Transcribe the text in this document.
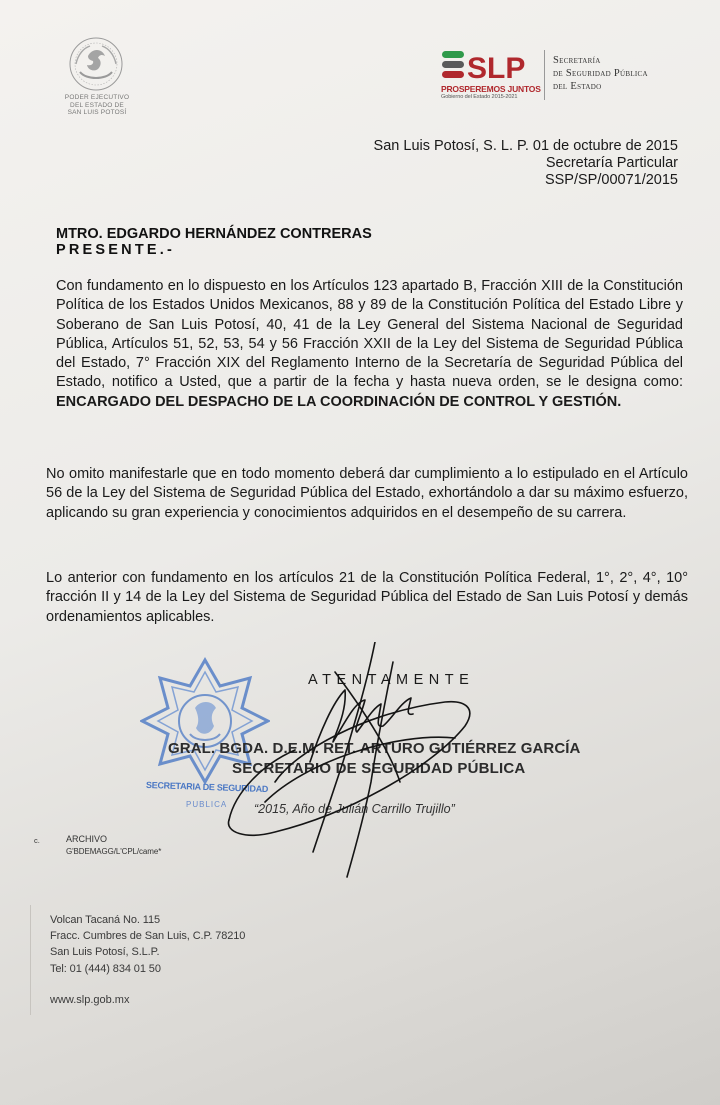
PODER EJECUTIVO
DEL ESTADO DE
SAN LUIS POTOSÍ
SLP
PROSPEREMOS JUNTOS
Gobierno del Estado 2015-2021
Secretaría
de Seguridad Pública
del Estado
San Luis Potosí, S. L. P. 01 de octubre de 2015
Secretaría Particular
SSP/SP/00071/2015
MTRO. EDGARDO HERNÁNDEZ CONTRERAS
PRESENTE.-
Con fundamento en lo dispuesto en los Artículos 123 apartado B, Fracción XIII de la Constitución Política de los Estados Unidos Mexicanos, 88 y 89 de la Constitución Política del Estado Libre y Soberano de San Luis Potosí, 40, 41 de la Ley General del Sistema Nacional de Seguridad Pública, Artículos 51, 52, 53, 54 y 56 Fracción XXII de la Ley del Sistema de Seguridad Pública del Estado, 7° Fracción XIX del Reglamento Interno de la Secretaría de Seguridad Pública del Estado, notifico a Usted, que a partir de la fecha y hasta nueva orden, se le designa como: ENCARGADO DEL DESPACHO DE LA COORDINACIÓN DE CONTROL Y GESTIÓN.
No omito manifestarle que en todo momento deberá dar cumplimiento a lo estipulado en el Artículo 56 de la Ley del Sistema de Seguridad Pública del Estado, exhortándolo a dar su máximo esfuerzo, aplicando su gran experiencia y conocimientos adquiridos en el desempeño de su carrera.
Lo anterior con fundamento en los artículos 21 de la Constitución Política Federal, 1°, 2°, 4°, 10° fracción II y 14 de la Ley del Sistema de Seguridad Pública del Estado de San Luis Potosí y demás ordenamientos aplicables.
SECRETARIA DE SEGURIDAD
PUBLICA
ATENTAMENTE
GRAL. BGDA. D.E.M. RET. ARTURO GUTIÉRREZ GARCÍA
SECRETARIO DE SEGURIDAD PÚBLICA
“2015, Año de Julián Carrillo Trujillo”
c.	ARCHIVO
G'BDEMAGG/L'CPL/came*
Volcan Tacaná No. 115
Fracc. Cumbres de San Luis, C.P. 78210
San Luis Potosí, S.L.P.
Tel: 01 (444) 834 01 50
www.slp.gob.mx
